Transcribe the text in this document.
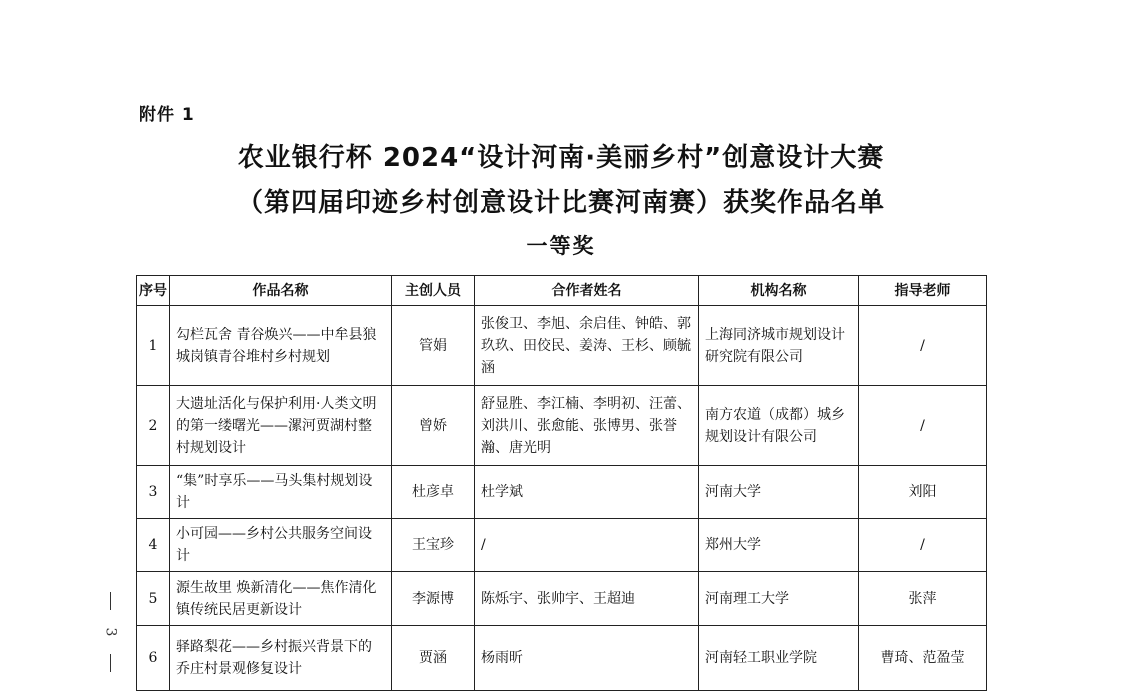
附件 1
农业银行杯 2024“设计河南·美丽乡村”创意设计大赛
（第四届印迹乡村创意设计比赛河南赛）获奖作品名单
一等奖
序号	作品名称	主创人员	合作者姓名	机构名称	指导老师
1	勾栏瓦舍 青谷焕兴——中牟县狼城岗镇青谷堆村乡村规划	管娟	张俊卫、李旭、余启佳、钟皓、郭玖玖、田佼民、姜涛、王杉、顾毓涵	上海同济城市规划设计研究院有限公司	/
2	大遗址活化与保护利用·人类文明的第一缕曙光——漯河贾湖村整村规划设计	曾娇	舒显胜、李江楠、李明初、汪蕾、刘洪川、张愈能、张博男、张誉瀚、唐光明	南方农道（成都）城乡规划设计有限公司	/
3	“集”时享乐——马头集村规划设计	杜彦卓	杜学斌	河南大学	刘阳
4	小可园——乡村公共服务空间设计	王宝珍	/	郑州大学	/
5	源生故里 焕新清化——焦作清化镇传统民居更新设计	李源博	陈烁宇、张帅宇、王超迪	河南理工大学	张萍
6	驿路梨花——乡村振兴背景下的乔庄村景观修复设计	贾涵	杨雨昕	河南轻工职业学院	曹琦、范盈莹
3
